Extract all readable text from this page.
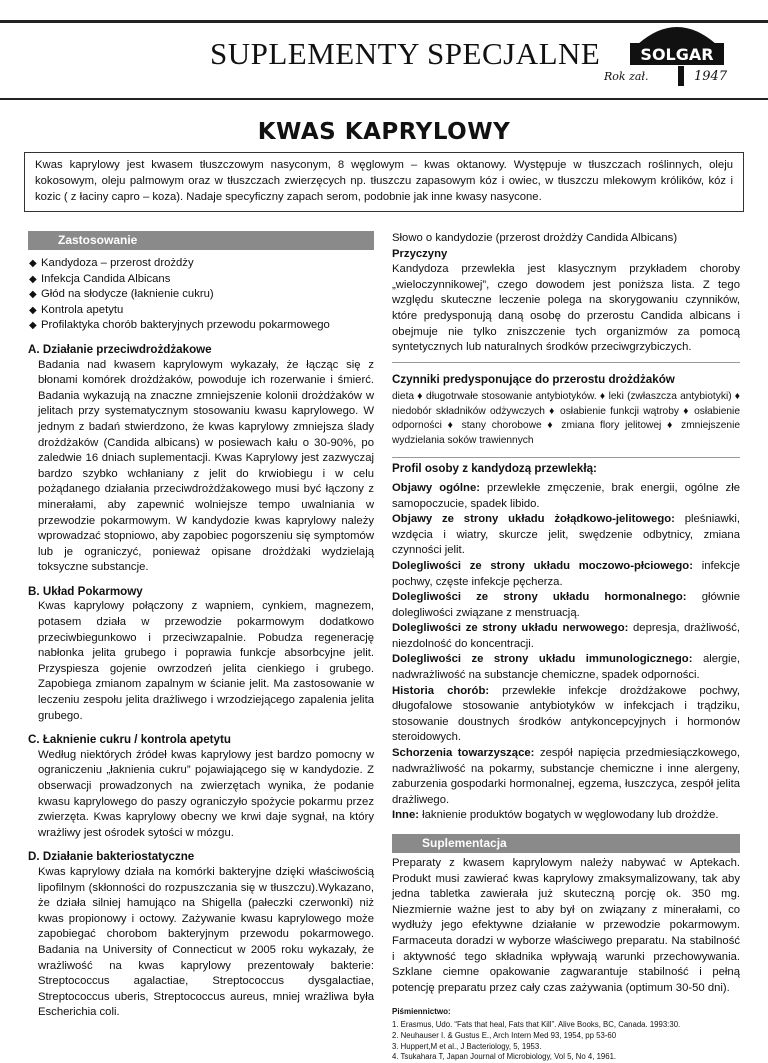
SUPLEMENTY SPECJALNE	SOLGAR
Rok zał.	1947
KWAS KAPRYLOWY

Kwas kaprylowy jest kwasem tłuszczowym nasyconym, 8 węglowym – kwas oktanowy. Występuje w tłuszczach roślinnych, oleju kokosowym, oleju palmowym oraz w tłuszczach zwierzęcych np. tłuszczu zapasowym kóz i owiec, w tłuszczu mlekowym królików, kóz i kozic ( z łaciny capro – koza). Nadaje specyficzny zapach serom, podobnie jak inne kwasy nasycone.

Zastosowanie
◆ Kandydoza – przerost drożdży
◆ Infekcja Candida Albicans
◆ Głód na słodycze (łaknienie cukru)
◆ Kontrola apetytu
◆ Profilaktyka chorób bakteryjnych przewodu pokarmowego
A. Działanie przeciwdrożdżakowe

Badania nad kwasem kaprylowym wykazały, że łącząc się z błonami komórek drożdżaków, powoduje ich rozerwanie i śmierć. Badania wykazują na znaczne zmniejszenie kolonii drożdżaków w jelitach przy systematycznym stosowaniu kwasu kaprylowego. W jednym z badań stwierdzono, że kwas kaprylowy zmniejsza ślady drożdżaków (Candida albicans) w posiewach kału o 30-90%, po zaledwie 16 dniach suplementacji. Kwas Kaprylowy jest zazwyczaj bardzo szybko wchłaniany z jelit do krwiobiegu i w celu pożądanego działania przeciwdrożdżakowego musi być łączony z minerałami, aby zapewnić wolniejsze tempo uwalniania w przewodzie pokarmowym. W kandydozie kwas kaprylowy należy wprowadzać stopniowo, aby zapobiec pogorszeniu się symptomów lub je ograniczyć, ponieważ opisane drożdżaki wydzielają toksyczne substancje.

B. Układ Pokarmowy

Kwas kaprylowy połączony z wapniem, cynkiem, magnezem, potasem działa w przewodzie pokarmowym dodatkowo przeciwbiegunkowo i przeciwzapalnie. Pobudza regenerację nabłonka jelita grubego i poprawia funkcje absorbcyjne jelit. Przyspiesza gojenie owrzodzeń jelita cienkiego i grubego. Zapobiega zmianom zapalnym w ścianie jelit. Ma zastosowanie w leczeniu zespołu jelita drażliwego i wrzodziejącego zapalenia jelita grubego.

C. Łaknienie cukru / kontrola apetytu

Według niektórych źródeł kwas kaprylowy jest bardzo pomocny w ograniczeniu „łaknienia cukru” pojawiającego się w kandydozie. Z obserwacji prowadzonych na zwierzętach wynika, że podanie kwasu kaprylowego do paszy ograniczyło spożycie pokarmu przez zwierzęta. Kwas kaprylowy obecny we krwi daje sygnał, na który wrażliwy jest ośrodek sytości w mózgu.

D. Działanie bakteriostatyczne

Kwas kaprylowy działa na komórki bakteryjne dzięki właściwością lipofilnym (skłonności do rozpuszczania się w tłuszczu).Wykazano, że działa silniej hamująco na Shigella (pałeczki czerwonki) niż kwas propionowy i octowy. Zażywanie kwasu kaprylowego może zapobiegać chorobom bakteryjnym przewodu pokarmowego. Badania na University of Connecticut w 2005 roku wykazały, że wrażliwość na kwas kaprylowy prezentowały bakterie: Streptococcus agalactiae, Streptococcus dysgalactiae, Streptococcus uberis, Streptococcus aureus, mniej wrażliwa była Escherichia coli.

Słowo o kandydozie (przerost drożdży Candida Albicans)

Przyczyny

Kandydoza przewlekła jest klasycznym przykładem choroby „wieloczynnikowej”, czego dowodem jest poniższa lista. Z tego względu skuteczne leczenie polega na skorygowaniu czynników, które predysponują daną osobę do przerostu Candida albicans i obejmuje nie tylko zniszczenie tych organizmów za pomocą syntetycznych lub naturalnych środków przeciwgrzybiczych.

Czynniki predysponujące do przerostu drożdżaków

dieta ♦ długotrwałe stosowanie antybiotyków. ♦ leki (zwłaszcza antybiotyki) ♦ niedobór składników odżywczych ♦ osłabienie funkcji wątroby ♦ osłabienie odporności ♦ stany chorobowe ♦ zmiana flory jelitowej ♦ zmniejszenie wydzielania soków trawiennych

Profil osoby z kandydozą przewlekłą:

Objawy ogólne: przewlekłe zmęczenie, brak energii, ogólne złe samopoczucie, spadek libido.

Objawy ze strony układu żołądkowo-jelitowego: pleśniawki, wzdęcia i wiatry, skurcze jelit, swędzenie odbytnicy, zmiana czynności jelit.

Dolegliwości ze strony układu moczowo-płciowego: infekcje pochwy, częste infekcje pęcherza.

Dolegliwości ze strony układu hormonalnego: głównie dolegliwości związane z menstruacją.

Dolegliwości ze strony układu nerwowego: depresja, drażliwość, niezdolność do koncentracji.

Dolegliwości ze strony układu immunologicznego: alergie, nadwrażliwość na substancje chemiczne, spadek odporności.

Historia chorób: przewlekłe infekcje drożdżakowe pochwy, długofalowe stosowanie antybiotyków w infekcjach i trądziku, stosowanie doustnych środków antykoncepcyjnych i hormonów steroidowych.

Schorzenia towarzyszące: zespół napięcia przedmiesiączkowego, nadwrażliwość na pokarmy, substancje chemiczne i inne alergeny, zaburzenia gospodarki hormonalnej, egzema, łuszczyca, zespół jelita drażliwego.

Inne: łaknienie produktów bogatych w węglowodany lub drożdże.

Suplementacja

Preparaty z kwasem kaprylowym należy nabywać w Aptekach. Produkt musi zawierać kwas kaprylowy zmaksymalizowany, tak aby jedna tabletka zawierała już skuteczną porcję ok. 350 mg. Niezmiernie ważne jest to aby był on związany z minerałami, co wydłuży jego efektywne działanie w przewodzie pokarmowym. Farmaceuta doradzi w wyborze właściwego preparatu. Na stabilność i aktywność tego składnika wpływają warunki przechowywania. Szklane ciemne opakowanie zagwarantuje stabilność i pełną potencję preparatu przez cały czas zażywania (optimum 30-50 dni).

Piśmiennictwo:
1. Erasmus, Udo. “Fats that heal, Fats that Kill”. Alive Books, BC, Canada. 1993:30.
2. Neuhauser I. & Gustus E., Arch Intern Med 93, 1954, pp 53-60
3. Huppert,M et al., J Bacteriology, 5, 1953.
4. Tsukahara T, Japan Journal of Microbiology, Vol 5, No 4, 1961.
